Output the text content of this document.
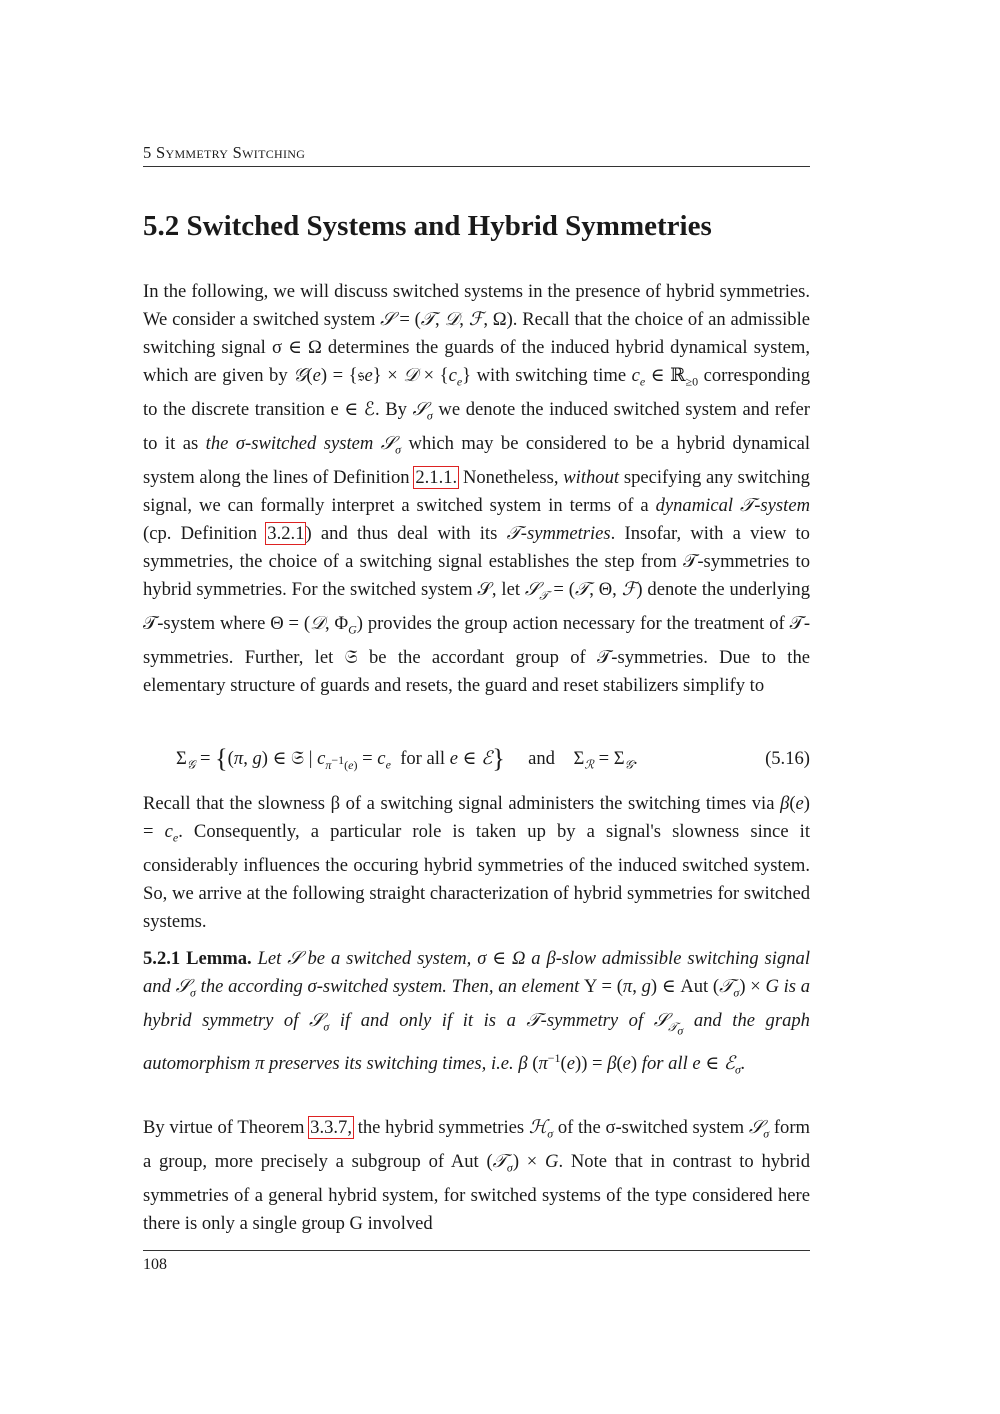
5 Symmetry Switching
5.2 Switched Systems and Hybrid Symmetries

In the following, we will discuss switched systems in the presence of hybrid symmetries. We consider a switched system 𝒮 = (𝒯, 𝒟, ℱ, Ω). Recall that the choice of an admissible switching signal σ ∈ Ω determines the guards of the induced hybrid dynamical system, which are given by 𝒢(e) = {𝔰e} × 𝒟 × $\{c_e\}$ with switching time $c_e$ ∈ ℝ$_{\ge 0}$ corresponding to the discrete transition e ∈ ℰ. By 𝒮$_\sigma$ we denote the induced switched system and refer to it as the σ-switched system 𝒮$_\sigma$ which may be considered to be a hybrid dynamical system along the lines of Definition 2.1.1. Nonetheless, without specifying any switching signal, we can formally interpret a switched system in terms of a dynamical 𝒯-system (cp. Definition 3.2.1) and thus deal with its 𝒯-symmetries. Insofar, with a view to symmetries, the choice of a switching signal establishes the step from 𝒯-symmetries to hybrid symmetries. For the switched system 𝒮, let 𝒮$_𝒯$ = (𝒯, Θ, ℱ) denote the underlying 𝒯-system where Θ = (𝒟, $\Phi_G$) provides the group action necessary for the treatment of 𝒯-symmetries. Further, let 𝔖 be the accordant group of 𝒯-symmetries. Due to the elementary structure of guards and resets, the guard and reset stabilizers simplify to

$\Sigma_𝒢 = \{(\pi$, g) ∈ 𝔖 | $c_{\pi^{-1}(e)} = c_e$ for all e ∈ ℰ} and    $\Sigma_ℛ = \Sigma_𝒢$.	(5.16)

Recall that the slowness β of a switching signal administers the switching times via $\beta(e) = c_e$. Consequently, a particular role is taken up by a signal's slowness since it considerably influences the occuring hybrid symmetries of the induced switched system. So, we arrive at the following straight characterization of hybrid symmetries for switched systems.

5.2.1 Lemma. Let 𝒮 be a switched system, σ ∈ Ω a β-slow admissible switching signal and 𝒮$_\sigma$ the according σ-switched system. Then, an element Υ = (π, g) ∈ Aut (𝒯$_\sigma$) × G is a hybrid symmetry of 𝒮$_\sigma$ if and only if it is a 𝒯-symmetry of 𝒮$_{𝒯_\sigma}$ and the graph automorphism π preserves its switching times, i.e. β $(\pi^{-1}(e)) = \beta(e)$ for all e ∈ ℰ$_\sigma$.

By virtue of Theorem 3.3.7, the hybrid symmetries ℋ$_\sigma$ of the σ-switched system 𝒮$_\sigma$ form a group, more precisely a subgroup of Aut (𝒯$_\sigma$) × G. Note that in contrast to hybrid symmetries of a general hybrid system, for switched systems of the type considered here there is only a single group G involved

108
